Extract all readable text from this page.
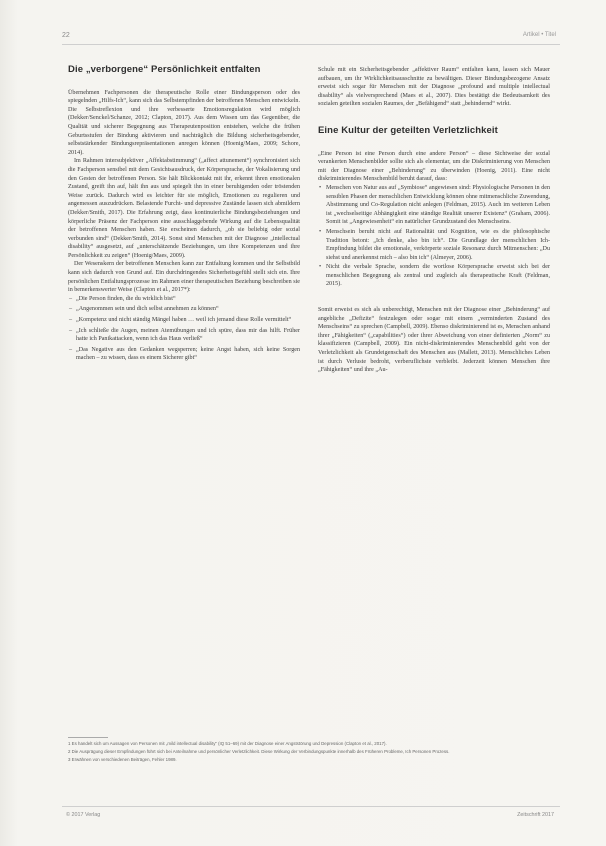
22	Artikel • Titel
Die „verborgene“ Persönlichkeit entfalten

Übernehmen Fachpersonen die therapeutische Rolle einer Bindungsperson oder des spiegelnden „Hilfs-Ich“, kann sich das Selbstempfinden der betroffenen Menschen entwickeln. Die Selbstreflexion und ihre verbesserte Emotionsregulation wird möglich (Dekker/Senckel/Schanze, 2012; Clapton, 2017). Aus dem Wissen um das Gegenüber, die Qualität und sicherer Begegnung aus Therapeutenposition entstehen, welche die frühen Geburtsstufen der Bindung aktivieren und nachträglich die Bildung sicherheitsgebender, selbststärkender Bindungsrepräsentationen anregen können (Hoenig/Maes, 2009; Schore, 2014).

Im Rahmen intersubjektiver „Affektabstimmung“ („affect attunement“) synchronisiert sich die Fachperson sensibel mit dem Gesichtsausdruck, der Körpersprache, der Vokalisierung und den Gesten der betroffenen Person. Sie hält Blickkontakt mit ihr, erkennt ihren emotionalen Zustand, greift ihn auf, hält ihn aus und spiegelt ihn in einer beruhigenden oder tröstenden Weise zurück. Dadurch wird es leichter für sie möglich, Emotionen zu regulieren und angemessen auszudrücken. Belastende Furcht- und depressive Zustände lassen sich abmildern (Dekker/Smith, 2017). Die Erfahrung zeigt, dass kontinuierliche Bindungsbeziehungen und körperliche Präsenz der Fachperson eine ausschlaggebende Wirkung auf die Lebensqualität der betroffenen Menschen haben. Sie erscheinen dadurch, „ob sie beliebig oder sozial verbunden sind“ (Dekker/Smith, 2014). Sonst sind Menschen mit der Diagnose „intellectual disability“ ausgesetzt, auf „unterschätzende Beziehungen, um ihre Kompetenzen und ihre Persönlichkeit zu zeigen“ (Hoenig/Maes, 2009).

Der Wesenskern der betroffenen Menschen kann zur Entfaltung kommen und ihr Selbstbild kann sich dadurch von Grund auf. Ein durchdringendes Sicherheitsgefühl stellt sich ein. Ihre persönlichen Entfaltungsprozesse im Rahmen einer therapeutischen Beziehung beschreiben sie in bemerkenswerter Weise (Clapton et al., 2017*):

– „Die Person finden, die du wirklich bist“
– „Angenommen sein und dich selbst annehmen zu können“
– „Kompetenz und nicht ständig Mängel haben … weil ich jemand diese Rolle vermittelt“
– „Ich schließe die Augen, meinen Atemübungen und ich spüre, dass mir das hilft. Früher hatte ich Panikattacken, wenn ich das Haus verließ“
– „Das Negative aus den Gedanken wegsperren; keine Angst haben, sich keine Sorgen machen – zu wissen, dass es einem Sicherer gibt“

Schule mit ein Sicherheitsgebender „affektiver Raum“ entfalten kann, lassen sich Mauer aufbauen, um ihr Wirklichkeitsausschnitte zu bewältigen. Dieser Bindungsbezogene Ansatz erweist sich sogar für Menschen mit der Diagnose „profound and multiple intellectual disability“ als vielversprechend (Maes et al., 2007). Dies bestätigt die Bedeutsamkeit des sozialen geteilten sozialen Raumes, der „Befähigend“ statt „behindernd“ wirkt.

Eine Kultur der geteilten Verletzlichkeit

„Eine Person ist eine Person durch eine andere Person“ – diese Sichtweise der sozial verankerten Menschenbilder sollte sich als elementar, um die Diskriminierung von Menschen mit der Diagnose einer „Behinderung“ zu überwinden (Hoenig, 2011). Eine nicht diskriminierendes Menschenbild beruht darauf, dass:

• Menschen von Natur aus auf „Symbiose“ angewiesen sind: Physiologische Personen in den sensiblen Phasen der menschlichen Entwicklung können ohne mitmenschliche Zuwendung, Abstimmung und Co-Regulation nicht anlegen (Feldman, 2015). Auch im weiteren Leben ist „wechselseitige Abhängigkeit eine ständige Realität unserer Existenz“ (Graham, 2006). Somit ist „Angewiesenheit“ ein natürlicher Grundzustand des Menschseins.
• Menschsein beruht nicht auf Rationalität und Kognition, wie es die philosophische Tradition betont: „Ich denke, also bin ich“. Die Grundlage der menschlichen Ich-Empfindung bildet die emotionale, verkörperte soziale Resonanz durch Mitmenschen: „Du siehst und anerkennst mich – also bin ich“ (Almeyer, 2006).
• Nicht die verbale Sprache, sondern die wortlose Körpersprache erweist sich bei der menschlichen Begegnung als zentral und zugleich als therapeutische Kraft (Feldman, 2015).

Somit erweist es sich als unberechtigt, Menschen mit der Diagnose einer „Behinderung“ auf angebliche „Defizite“ festzulegen oder sogar mit einem „verminderten Zustand des Menschseins“ zu sprechen (Campbell, 2009). Ebenso diskriminierend ist es, Menschen anhand ihrer „Fähigkeiten“ („capabilities“) oder ihrer Abweichung von einer definierten „Norm“ zu klassifizieren (Campbell, 2009). Ein nicht-diskriminierendes Menschenbild geht von der Verletzlichkeit als Grundeigenschaft des Menschen aus (Mallett, 2013). Menschliches Leben ist durch Verluste bedroht, verberuflichste verbleibt. Jederzeit können Menschen ihre „Fähigkeiten“ und ihre „Au-

1 Es handelt sich um Aussagen von Personen mit „mild intellectual disability“ (IQ 51–69) mit der Diagnose einer Angststörung und Depression (Clapton et al., 2017).
2 Die Ausprägung dieser Empfindungen führt sich bei Anteilnahme und persönlicher Verletzlichkeit. Diese Wirkung der Verbindungspunkte innerhalb des Früheren Probleme, Ich Personen Prozess.
3 Erwähnen von verschiedenen Beiträgen, Fehler 1989.
© 2017 Verlag	Zeitschrift 2017
